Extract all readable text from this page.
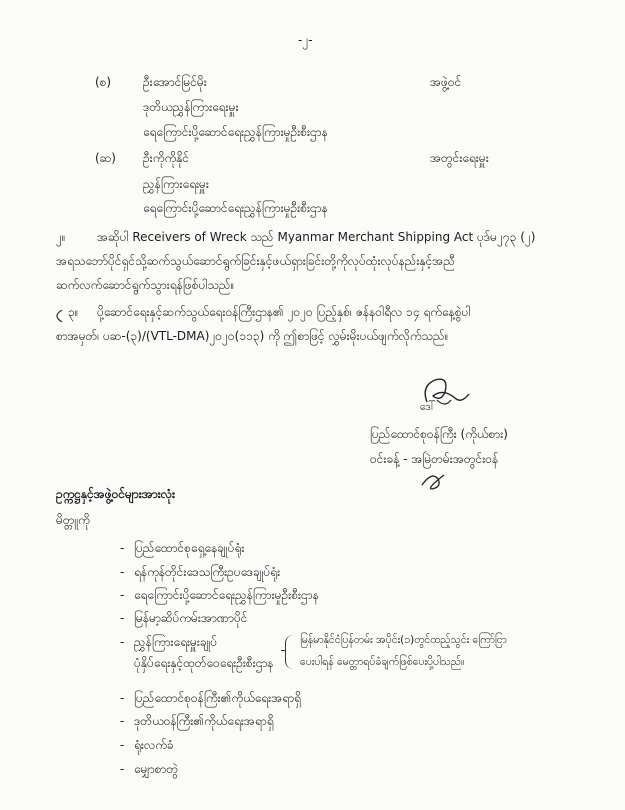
-၂-
(စ)	ဦးအောင်မြင်မိုး	အဖွဲ့ဝင်
ဒုတိယညွှန်ကြားရေးမှူး
ရေကြောင်းပို့ဆောင်ရေးညွှန်ကြားမှုဦးစီးဌာန
(ဆ) ဦးကိုကိုနိုင်	အတွင်းရေးမှူး
ညွှန်ကြားရေးမှူး
ရေကြောင်းပို့ဆောင်ရေးညွှန်ကြားမှုဦးစီးဌာန
၂။	အဆိုပါ Receivers of Wreck သည် Myanmar Merchant Shipping Act ပုဒ်မ၂၇၃ (၂)
အရသဘော်ပိုင်ရှင်သို့ဆက်သွယ်ဆောင်ရွက်ခြင်းနှင့်ဖယ်ရှားခြင်းတို့ကိုလုပ်ထုံးလုပ်နည်းနှင့်အညီ
ဆက်လက်ဆောင်ရွက်သွားရန်ဖြစ်ပါသည်။
၃။ ပို့ဆောင်ရေးနှင့်ဆက်သွယ်ရေးဝန်ကြီးဌာန၏ ၂၀၂၀ ပြည့်နှစ်၊ ဇန်နဝါရီလ ၁၄ ရက်နေ့စွဲပါ
စာအမှတ်၊ ပဆ-(၃)/(VTL-DMA)၂၀၂၀(၁၁၃) ကို ဤစာဖြင့် လွှမ်းမိုးပယ်ဖျက်လိုက်သည်။
ဒေါ်
ပြည်ထောင်စုဝန်ကြီး (ကိုယ်စား)
ဝင်းခန့် - အမြဲတမ်းအတွင်းဝန်
ဥက္ကဋ္ဌနှင့်အဖွဲ့ဝင်များအားလုံး
မိတ္တူကို
- ပြည်ထောင်စုရှေ့နေချုပ်ရုံး
- ရန်ကုန်တိုင်းဒေသကြီးဥပဒေချုပ်ရုံး
- ရေကြောင်းပို့ဆောင်ရေးညွှန်ကြားမှုဦးစီးဌာန
- မြန်မာ့ဆိပ်ကမ်းအာဏာပိုင်
- ညွှန်ကြားရေးမှူးချုပ်
ပုံနှိပ်ရေးနှင့်ထုတ်ဝေရေးဦးစီးဌာန
မြန်မာနိုင်ငံပြန်တမ်း အပိုင်း(၁)တွင်ထည့်သွင်း ကြော်ငြာ
ပေးပါရန် မေတ္တာရပ်ခံချက်ဖြစ်ပေးပို့ပါသည်။
- ပြည်ထောင်စုဝန်ကြီး၏ကိုယ်ရေးအရာရှိ
- ဒုတိယဝန်ကြီး၏ကိုယ်ရေးအရာရှိ
- ရုံးလက်ခံ
- မျှောစာတွဲ
